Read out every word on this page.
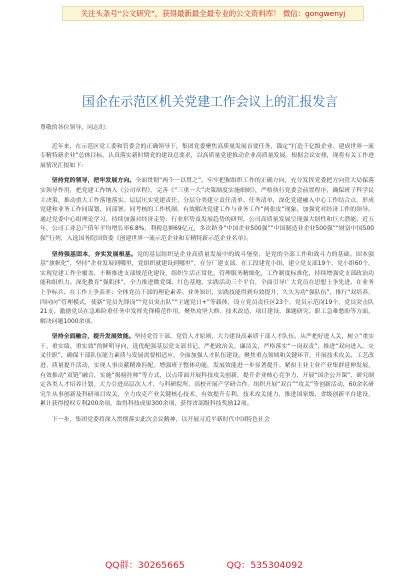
关注头条号“公文研究”，获得最新最全最专业的公文资料库！ 微信：gongwenyj
国企在示范区机关党建工作会议上的汇报发言

尊敬的各位领导，同志们：

近年来，在示范区党工委和管委会的正确领导下，集团党委聚焦高质量发展首要任务，锚定“打造千亿级企业、建成世界一流专精特新企业”总体目标，认真落实新时期党的建设总要求，以高质量党建推动企业高质量发展。根据会议安排，现将有关工作进展情况汇报如下：

坚持党的领导，把牢发展方向。全面贯彻“两个一以贯之”，牢牢把握组织工作的正确方向，充分发挥党委把方向管大局保落实领导作用，把党建工作纳入《公司章程》，完善《“三重一大”决策制度实施细则》，严格执行党委会前置程序，确保班子科学民主决策，推动重大工作落地落实。层层压实党建责任，分层分类建立责任清单、任务清单，深化党建融入中心工作结合点，形成党建和业务工作同谋划、同部署、同考核的工作机制，有效解决党建工作与业务工作“两张皮”现象，加强党对经济工作的领导。通过党委中心组理论学习，持续加强对经济走势、行业形势及发展趋势的研判，公司高质量发展呈现强大韧性和巨大潜能。近五年，公司工业总产值年平均增长率6.8%，利税总额69亿元，多次跻身“中国企业500强”“中国制造业企业500强”“财富中国500强”行列，入选国务院国资委《创建世界一流示范企业和专精特新示范企业名单》。

坚持强基固本，夯实发展根基。党的基层组织是企业高质量发展中的战斗堡垒，是党的全部工作和战斗力的基础。固本强基“旗帜化”，坚持“企业发展到哪里，党组织就建设到哪里”，在分厂建支部，在工段建党小组，建立党支部19个、党小组60个，实现党建工作全覆盖，不断推进支部规范化建设，组织生活正常化，管理服务精细化，工作制度标准化，持续增强党支部政治功能和组织力。深化教育“强肌体”，全力推进微党课、红色基地、实践活动三个平台，全面引导广大党员在思想上争先进、在业务上争标兵、在工作上争表率；全体党员干部的理论素养、业务知识、实践技能得到有效提升，久久为功“强队伍”，推行“双培养、四同向”管理模式，使新“党员先锋岗”“党员突击队”“主题党日+”等载体，设立党员责任区23个，党员示范岗19个，党员突击队21支，激励党员在急难险重任务中发挥先锋模范作用，聚焦攻坚大修、技术改造、项目建设、课题研究、职工急难愁盼等方面，解决问题1000余项。

坚持全面融合，提升发展效能。坚持党管干部、党管人才原则，大力建设高素质干部人才队伍。从严把好进人关，树立“重实干、重实绩、重实效”的鲜明导向，选优配强基层党支部书记，严把政治关、廉洁关，严格落实“一岗双责”，推进“双向进入、交叉任职”，确保干部队伍能力素质与发展需要相适应，全面加强人才队伍建设。聚焦重点领域和关键环节，开展技术攻关、工艺改进、质量提升活动，实现人事贡献精准匹配。增强班子整体功能，发展效能进一步显著提升。紧扣主业主业产业集群延伸发展，有效推动“双链”融合，实施“揭榜挂帅”等方式，以点带面开展科技攻关创新，提升企业核心竞争力，开展“国企公开课”，研究制定各类人才培养计划，大力引进高层次人才，与科研院所、高校开展产学研合作。组织开展“双百”“攻关”等创新活动，60余名研究生从事创新及科研项目攻关，全力攻克产业关键核心技术，有效提升专利、技术攻关能力，推进国家级、省级创新平台建设，累计获得授权专利200余项，取得科技成果300余项，获得省部级科技奖励12项。

下一步，集团党委将深入贯彻落实此次会议精神，以开展习近平新时代中国特色社会

QQ群：30265665	QQ：535304092
